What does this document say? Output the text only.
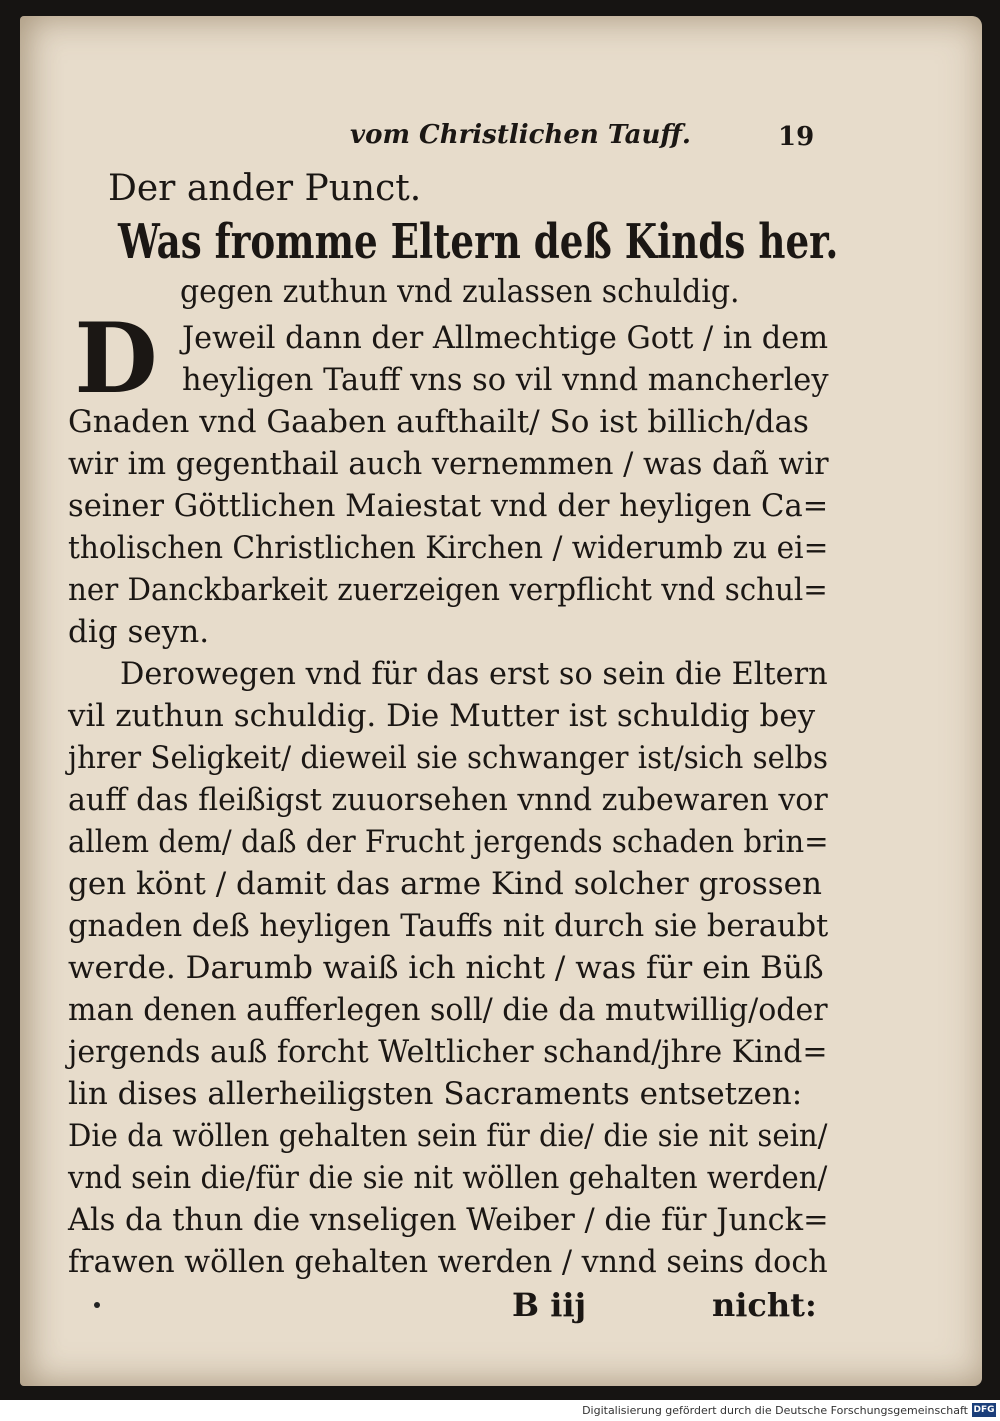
vom Christlichen Tauff.	19
Der ander Punct.
Was fromme Eltern deß Kinds her.
gegen zuthun vnd zulassen schuldig.
D Jeweil dann der Allmechtige Gott / in dem
heyligen Tauff vns so vil vnnd mancherley
Gnaden vnd Gaaben aufthailt/ So ist billich/das
wir im gegenthail auch vernemmen / was dañ wir
seiner Göttlichen Maiestat vnd der heyligen Ca=
tholischen Christlichen Kirchen / widerumb zu ei=
ner Danckbarkeit zuerzeigen verpflicht vnd schul=
dig seyn.
Derowegen vnd für das erst so sein die Eltern
vil zuthun schuldig. Die Mutter ist schuldig bey
jhrer Seligkeit/ dieweil sie schwanger ist/sich selbs
auff das fleißigst zuuorsehen vnnd zubewaren vor
allem dem/ daß der Frucht jergends schaden brin=
gen könt / damit das arme Kind solcher grossen
gnaden deß heyligen Tauffs nit durch sie beraubt
werde. Darumb waiß ich nicht / was für ein Büß
man denen aufferlegen soll/ die da mutwillig/oder
jergends auß forcht Weltlicher schand/jhre Kind=
lin dises allerheiligsten Sacraments entsetzen:
Die da wöllen gehalten sein für die/ die sie nit sein/
vnd sein die/für die sie nit wöllen gehalten werden/
Als da thun die vnseligen Weiber / die für Junck=
frawen wöllen gehalten werden / vnnd seins doch
B iij	nicht:
Digitalisierung gefördert durch die Deutsche Forschungsgemeinschaft DFG
